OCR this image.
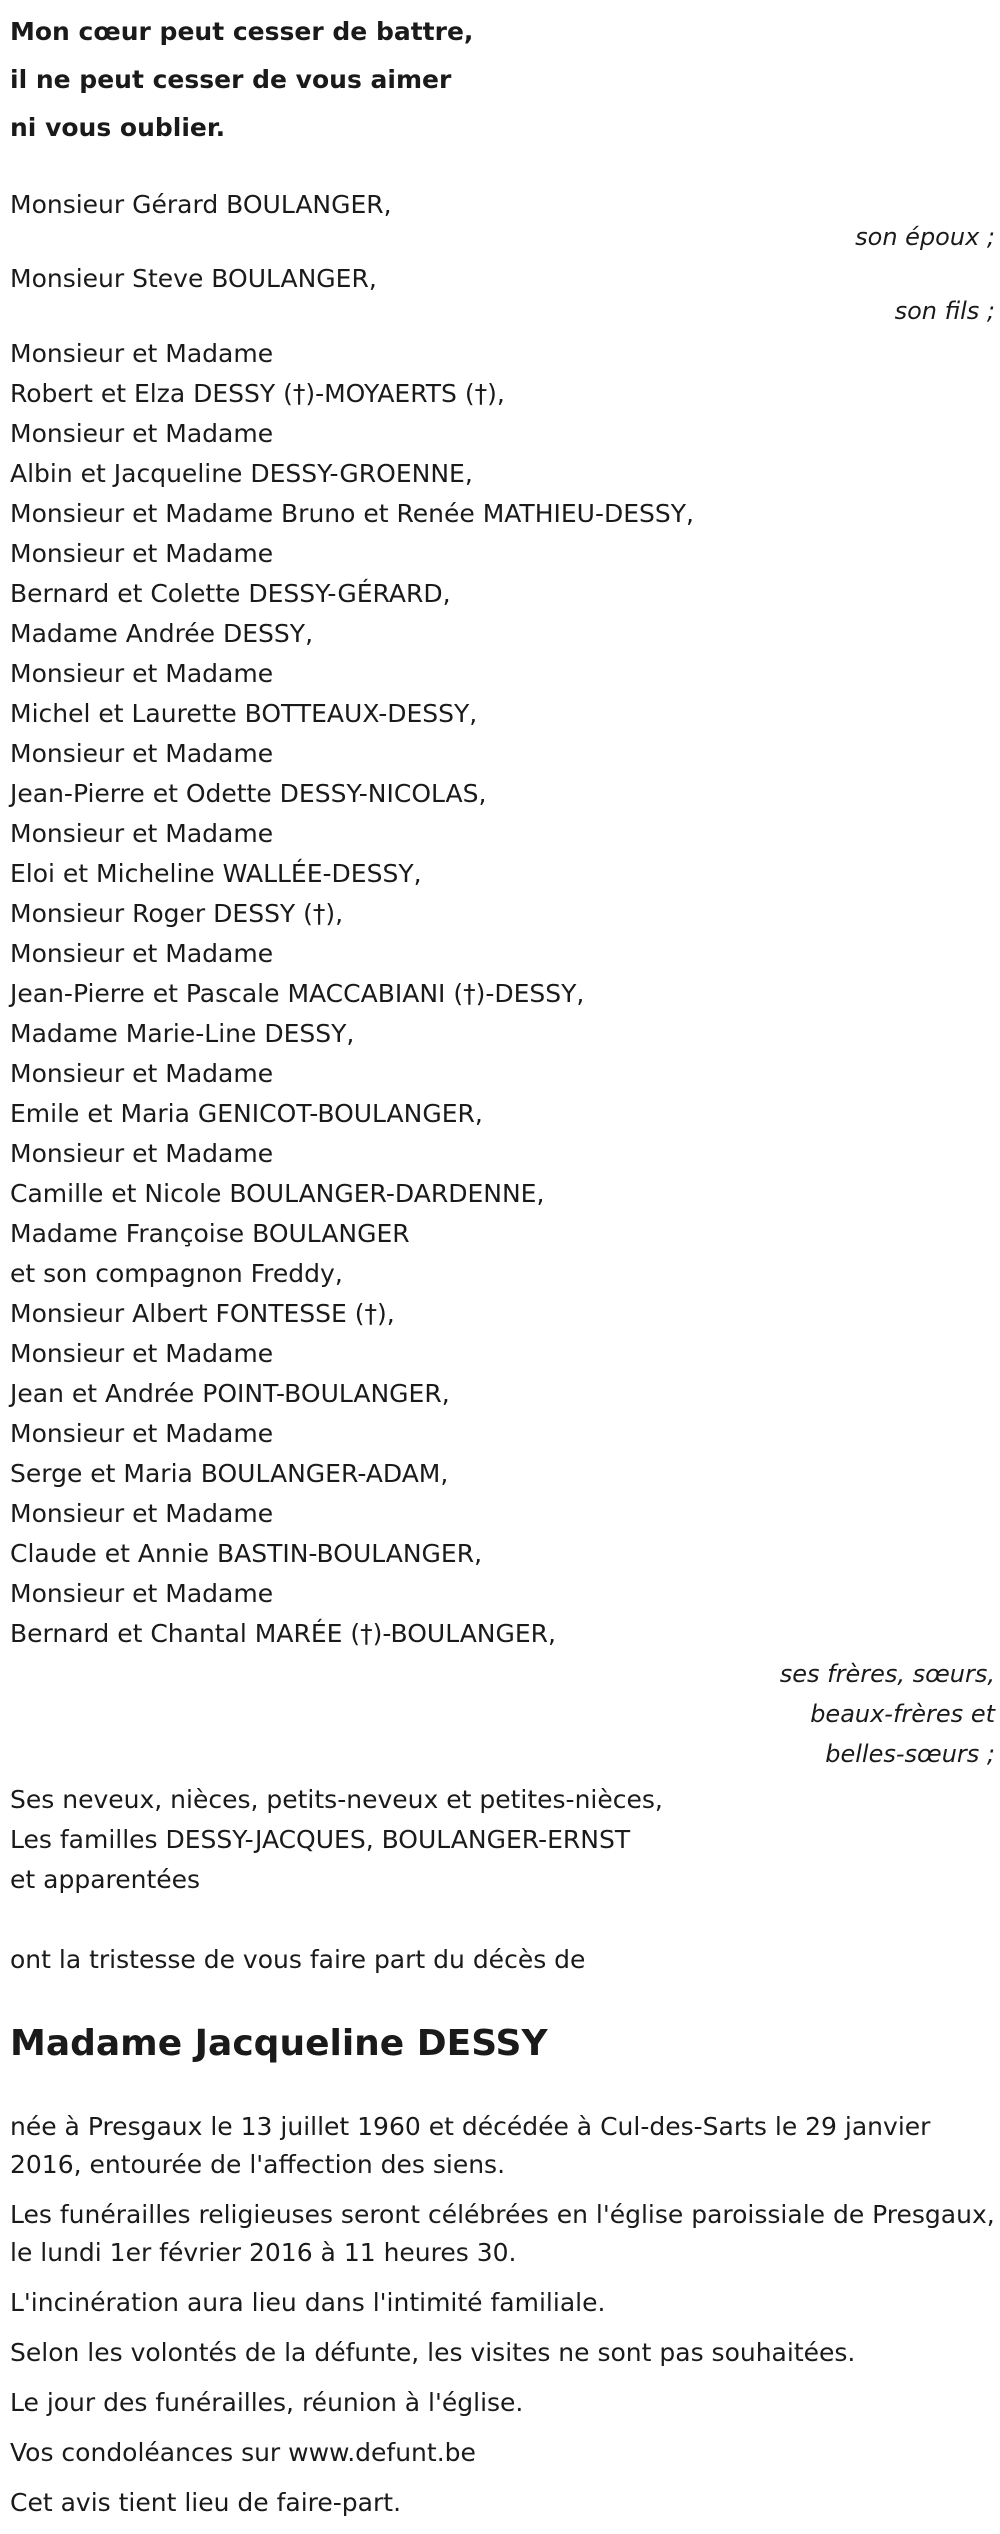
Mon cœur peut cesser de battre,
il ne peut cesser de vous aimer
ni vous oublier.
Monsieur Gérard BOULANGER,
son époux ;
Monsieur Steve BOULANGER,
son fils ;
Monsieur et Madame
Robert et Elza DESSY (†)-MOYAERTS (†),
Monsieur et Madame
Albin et Jacqueline DESSY-GROENNE,
Monsieur et Madame Bruno et Renée MATHIEU-DESSY,
Monsieur et Madame
Bernard et Colette DESSY-GÉRARD,
Madame Andrée DESSY,
Monsieur et Madame
Michel et Laurette BOTTEAUX-DESSY,
Monsieur et Madame
Jean-Pierre et Odette DESSY-NICOLAS,
Monsieur et Madame
Eloi et Micheline WALLÉE-DESSY,
Monsieur Roger DESSY (†),
Monsieur et Madame
Jean-Pierre et Pascale MACCABIANI (†)-DESSY,
Madame Marie-Line DESSY,
Monsieur et Madame
Emile et Maria GENICOT-BOULANGER,
Monsieur et Madame
Camille et Nicole BOULANGER-DARDENNE,
Madame Françoise BOULANGER
et son compagnon Freddy,
Monsieur Albert FONTESSE (†),
Monsieur et Madame
Jean et Andrée POINT-BOULANGER,
Monsieur et Madame
Serge et Maria BOULANGER-ADAM,
Monsieur et Madame
Claude et Annie BASTIN-BOULANGER,
Monsieur et Madame
Bernard et Chantal MARÉE (†)-BOULANGER,
ses frères, sœurs,
beaux-frères et
belles-sœurs ;
Ses neveux, nièces, petits-neveux et petites-nièces,
Les familles DESSY-JACQUES, BOULANGER-ERNST
et apparentées
ont la tristesse de vous faire part du décès de
Madame Jacqueline DESSY

née à Presgaux le 13 juillet 1960 et décédée à Cul-des-Sarts le 29 janvier 2016, entourée de l'affection des siens.

Les funérailles religieuses seront célébrées en l'église paroissiale de Presgaux, le lundi 1er février 2016 à 11 heures 30.

L'incinération aura lieu dans l'intimité familiale.

Selon les volontés de la défunte, les visites ne sont pas souhaitées.

Le jour des funérailles, réunion à l'église.

Vos condoléances sur www.defunt.be

Cet avis tient lieu de faire-part.
